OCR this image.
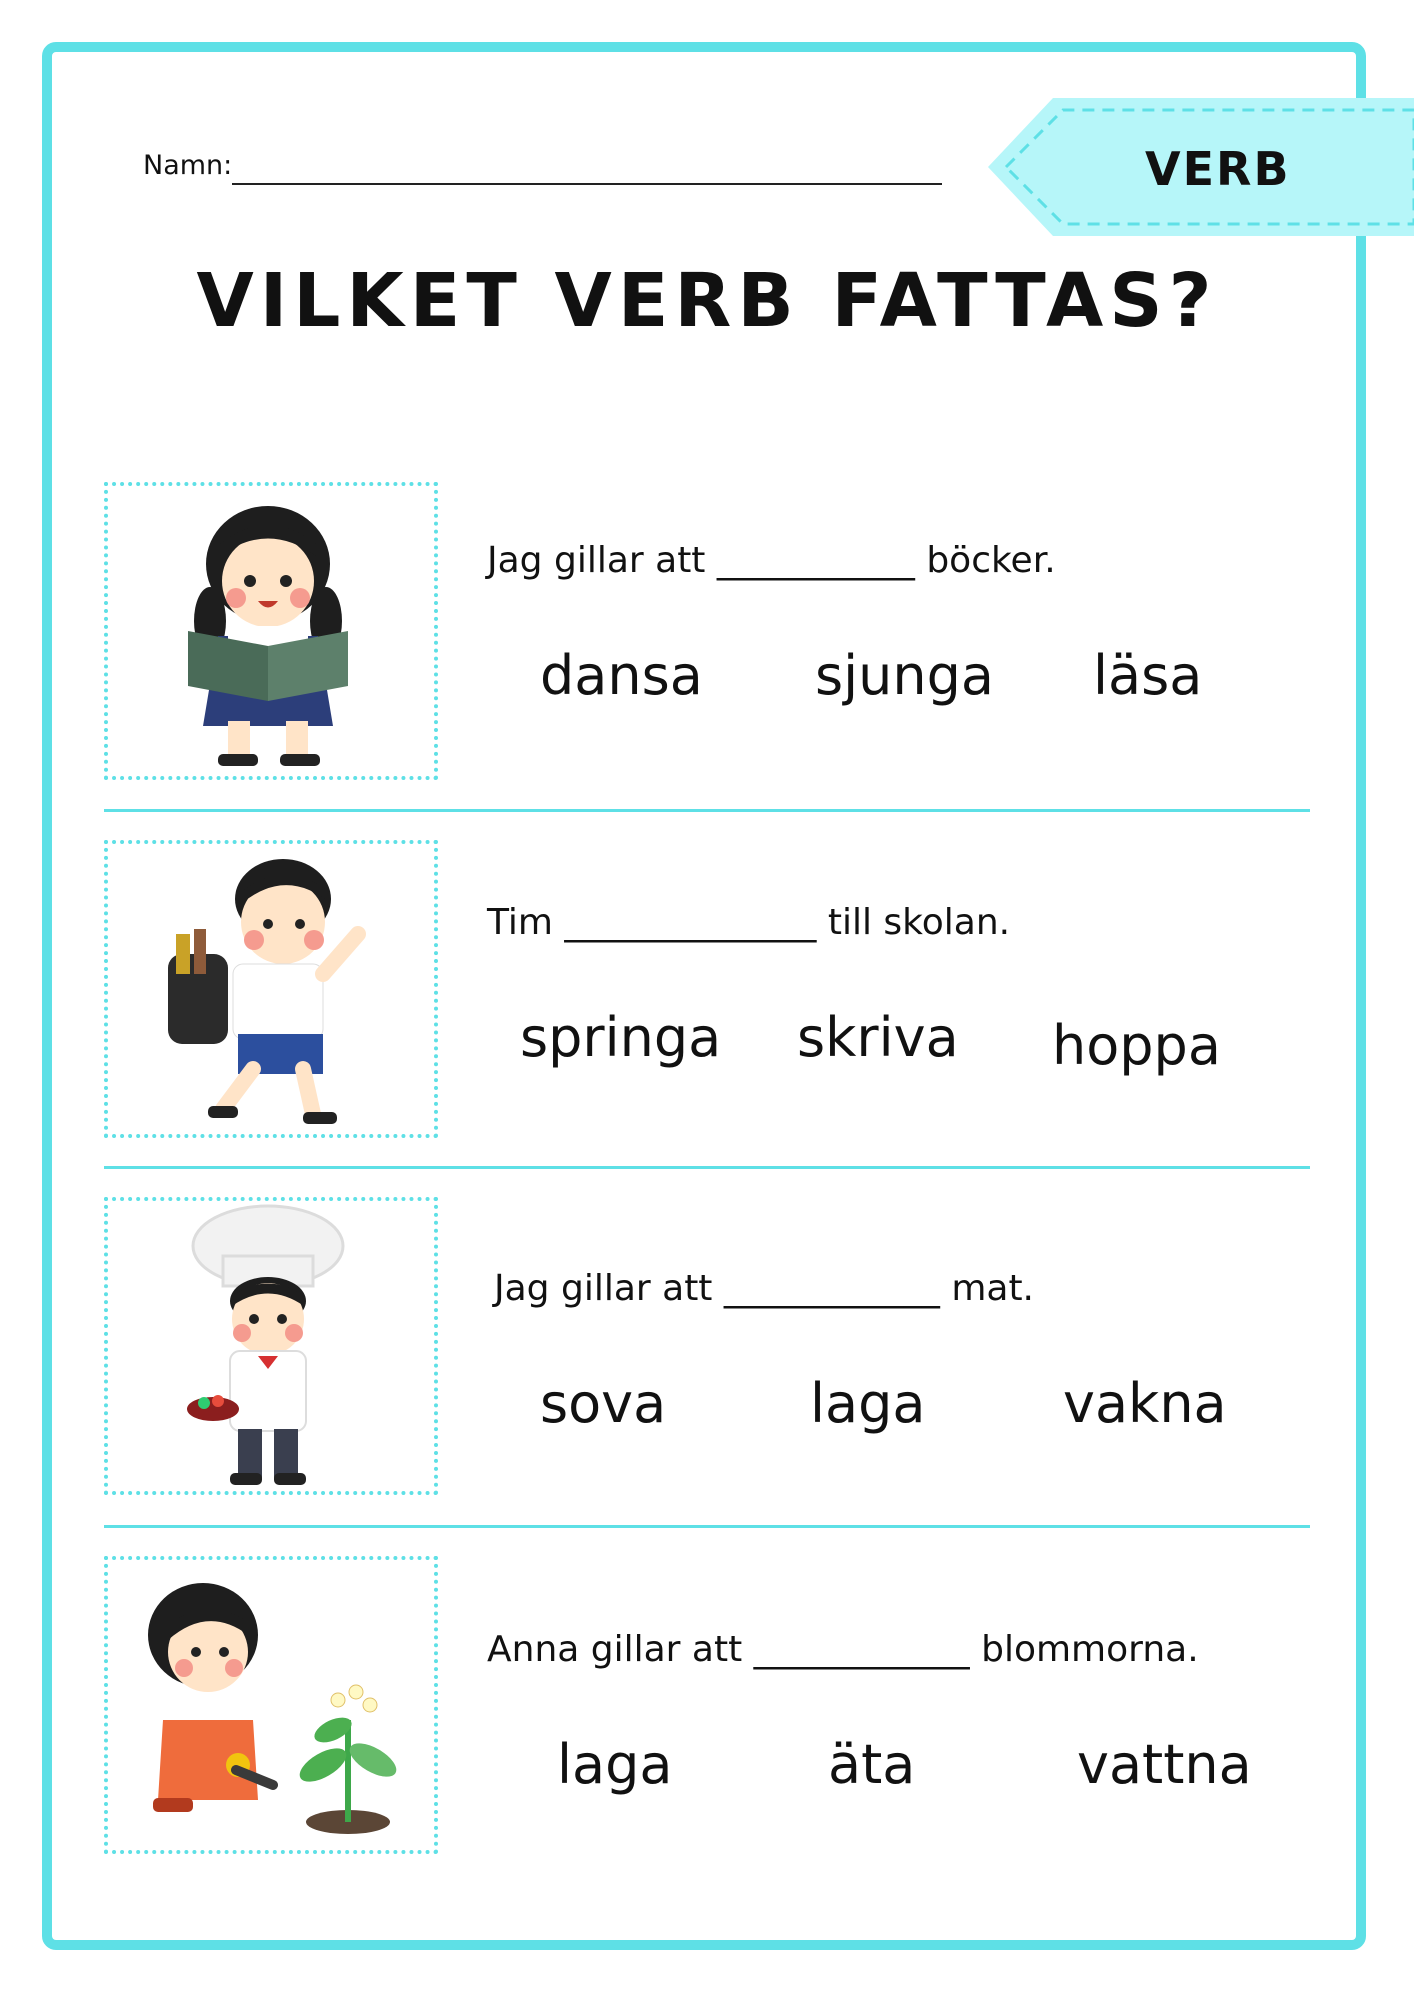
Namn:	VERB
VILKET VERB FATTAS?
Jag gillar att ___________ böcker.
dansa sjunga läsa
Tim ______________ till skolan.
springa skriva hoppa
Jag gillar att ____________ mat.
sova	laga	vakna
Anna gillar att ____________ blommorna.
laga	äta	vattna
